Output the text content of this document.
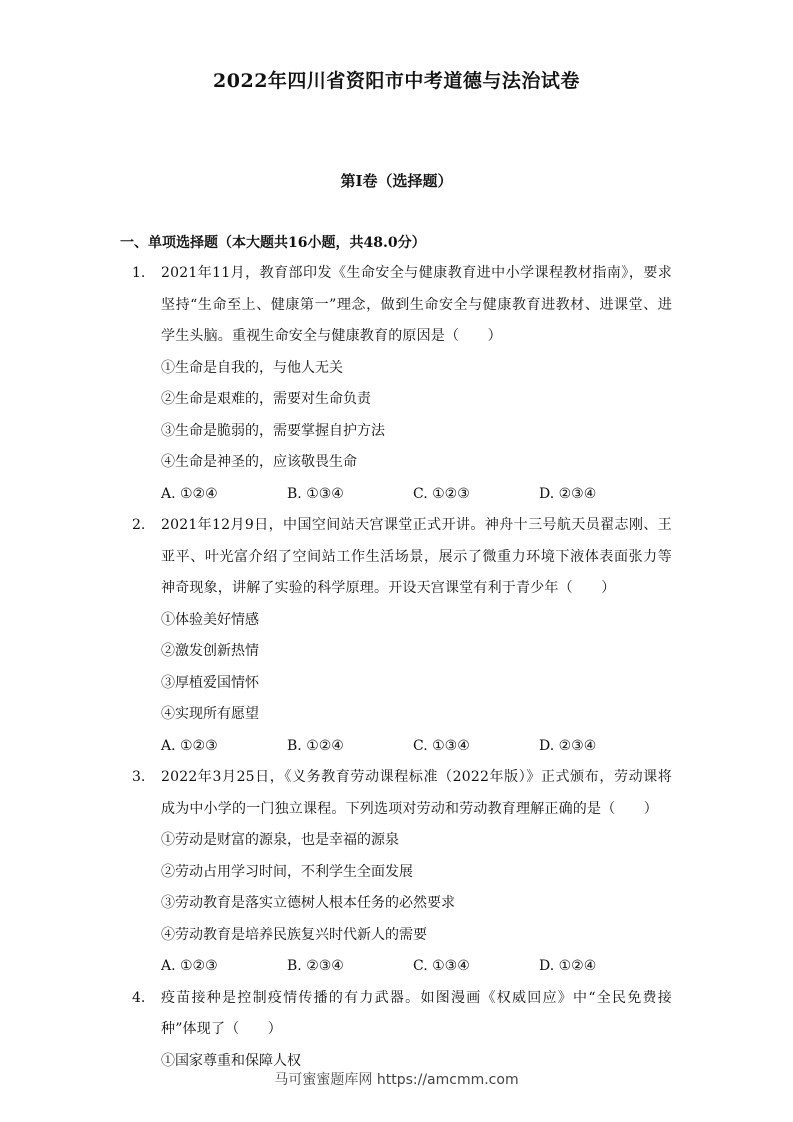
2022年四川省资阳市中考道德与法治试卷
第I卷（选择题）
一、单项选择题（本大题共16小题，共48.0分）
1.	2021年11月，教育部印发《生命安全与健康教育进中小学课程教材指南》，要求坚持“生命至上、健康第一”理念，做到生命安全与健康教育进教材、进课堂、进学生头脑。重视生命安全与健康教育的原因是（　　）
①生命是自我的，与他人无关
②生命是艰难的，需要对生命负责
③生命是脆弱的，需要掌握自护方法
④生命是神圣的，应该敬畏生命
A. ①②④	B. ①③④	C. ①②③	D. ②③④
2.	2021年12月9日，中国空间站天宫课堂正式开讲。神舟十三号航天员翟志刚、王亚平、叶光富介绍了空间站工作生活场景，展示了微重力环境下液体表面张力等神奇现象，讲解了实验的科学原理。开设天宫课堂有利于青少年（　　）
①体验美好情感
②激发创新热情
③厚植爱国情怀
④实现所有愿望
A. ①②③	B. ①②④	C. ①③④	D. ②③④
3.	2022年3月25日，《义务教育劳动课程标准（2022年版）》正式颁布，劳动课将成为中小学的一门独立课程。下列选项对劳动和劳动教育理解正确的是（　　）
①劳动是财富的源泉，也是幸福的源泉
②劳动占用学习时间，不利学生全面发展
③劳动教育是落实立德树人根本任务的必然要求
④劳动教育是培养民族复兴时代新人的需要
A. ①②③	B. ②③④	C. ①③④	D. ①②④
4.	疫苗接种是控制疫情传播的有力武器。如图漫画《权威回应》中“全民免费接种”体现了（　　）
①国家尊重和保障人权
马可蜜蜜题库网 https://amcmm.com
